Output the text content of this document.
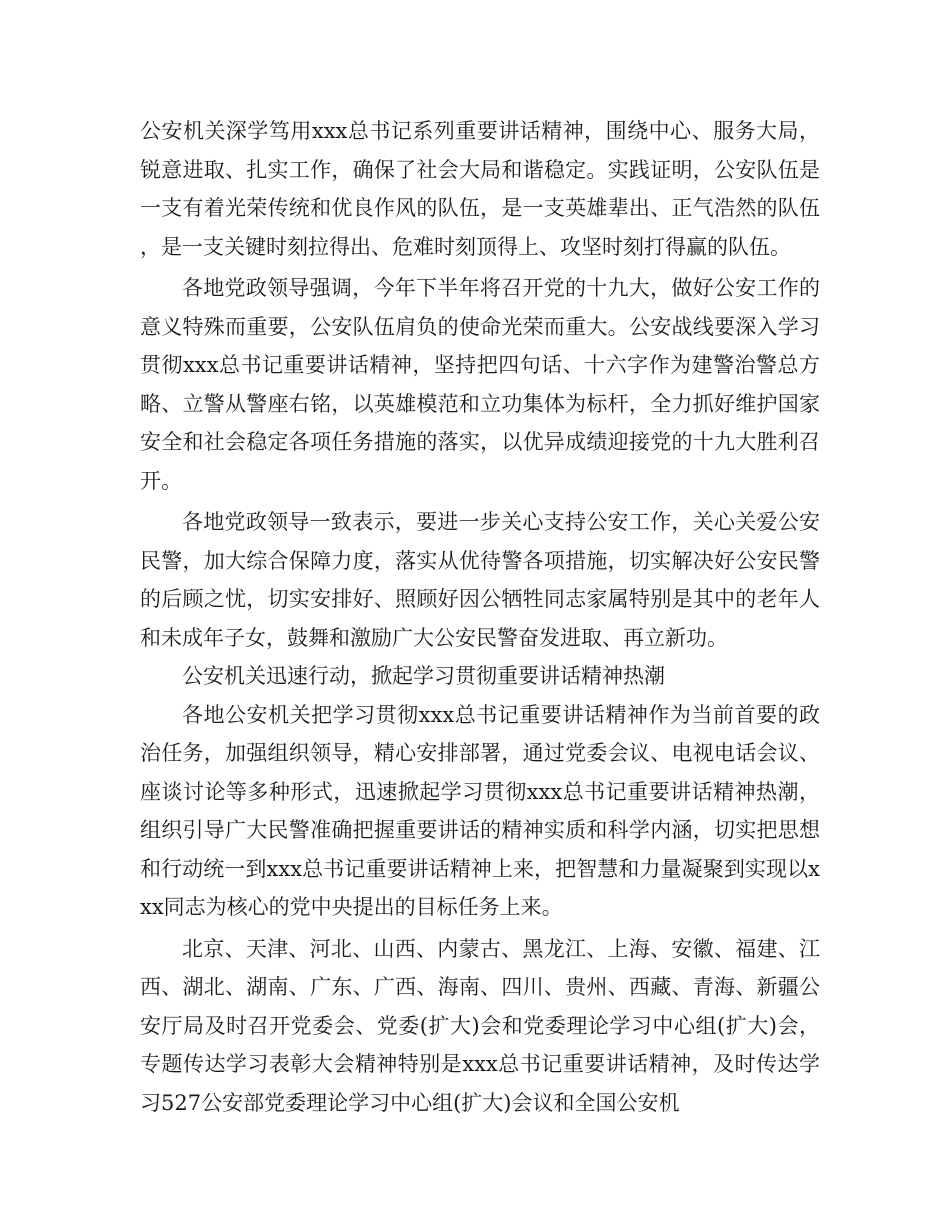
公安机关深学笃用xxx总书记系列重要讲话精神，围绕中心、服务大局，锐意进取、扎实工作，确保了社会大局和谐稳定。实践证明，公安队伍是一支有着光荣传统和优良作风的队伍，是一支英雄辈出、正气浩然的队伍，是一支关键时刻拉得出、危难时刻顶得上、攻坚时刻打得赢的队伍。

各地党政领导强调，今年下半年将召开党的十九大，做好公安工作的意义特殊而重要，公安队伍肩负的使命光荣而重大。公安战线要深入学习贯彻xxx总书记重要讲话精神，坚持把四句话、十六字作为建警治警总方略、立警从警座右铭，以英雄模范和立功集体为标杆，全力抓好维护国家安全和社会稳定各项任务措施的落实，以优异成绩迎接党的十九大胜利召开。

各地党政领导一致表示，要进一步关心支持公安工作，关心关爱公安民警，加大综合保障力度，落实从优待警各项措施，切实解决好公安民警的后顾之忧，切实安排好、照顾好因公牺牲同志家属特别是其中的老年人和未成年子女，鼓舞和激励广大公安民警奋发进取、再立新功。

公安机关迅速行动，掀起学习贯彻重要讲话精神热潮

各地公安机关把学习贯彻xxx总书记重要讲话精神作为当前首要的政治任务，加强组织领导，精心安排部署，通过党委会议、电视电话会议、座谈讨论等多种形式，迅速掀起学习贯彻xxx总书记重要讲话精神热潮，组织引导广大民警准确把握重要讲话的精神实质和科学内涵，切实把思想和行动统一到xxx总书记重要讲话精神上来，把智慧和力量凝聚到实现以xxx同志为核心的党中央提出的目标任务上来。

北京、天津、河北、山西、内蒙古、黑龙江、上海、安徽、福建、江西、湖北、湖南、广东、广西、海南、四川、贵州、西藏、青海、新疆公安厅局及时召开党委会、党委(扩大)会和党委理论学习中心组(扩大)会，专题传达学习表彰大会精神特别是xxx总书记重要讲话精神，及时传达学习527公安部党委理论学习中心组(扩大)会议和全国公安机
